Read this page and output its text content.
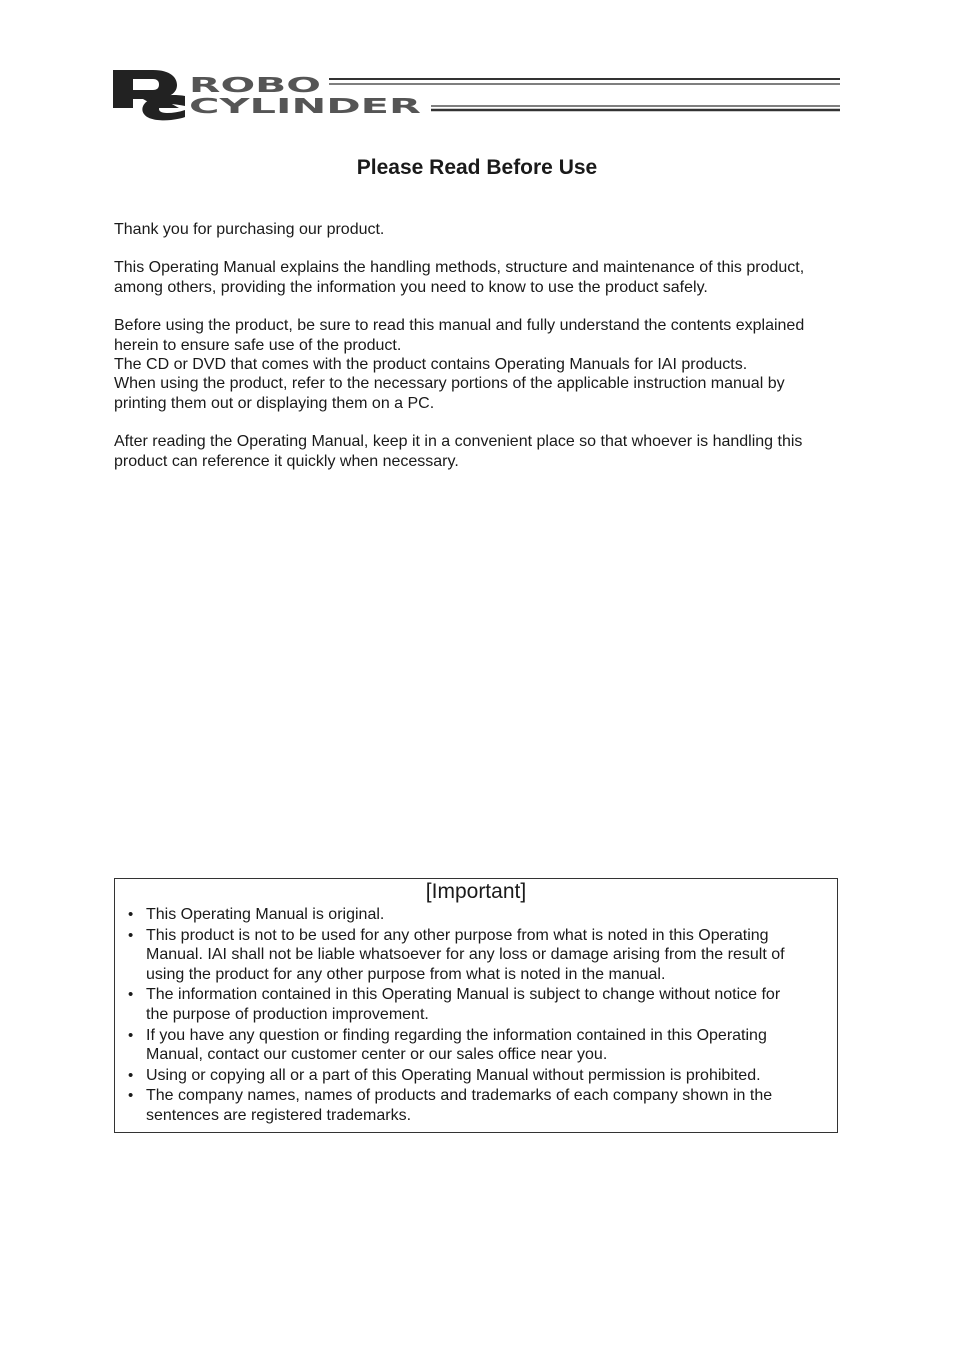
ROBO
CYLINDER
Please Read Before Use
Thank you for purchasing our product.
This Operating Manual explains the handling methods, structure and maintenance of this product,
among others, providing the information you need to know to use the product safely.
Before using the product, be sure to read this manual and fully understand the contents explained
herein to ensure safe use of the product.
The CD or DVD that comes with the product contains Operating Manuals for IAI products.
When using the product, refer to the necessary portions of the applicable instruction manual by
printing them out or displaying them on a PC.
After reading the Operating Manual, keep it in a convenient place so that whoever is handling this
product can reference it quickly when necessary.
[Important]
• This Operating Manual is original.
• This product is not to be used for any other purpose from what is noted in this Operating
Manual. IAI shall not be liable whatsoever for any loss or damage arising from the result of
using the product for any other purpose from what is noted in the manual.
• The information contained in this Operating Manual is subject to change without notice for
the purpose of production improvement.
• If you have any question or finding regarding the information contained in this Operating
Manual, contact our customer center or our sales office near you.
• Using or copying all or a part of this Operating Manual without permission is prohibited.
• The company names, names of products and trademarks of each company shown in the
sentences are registered trademarks.
